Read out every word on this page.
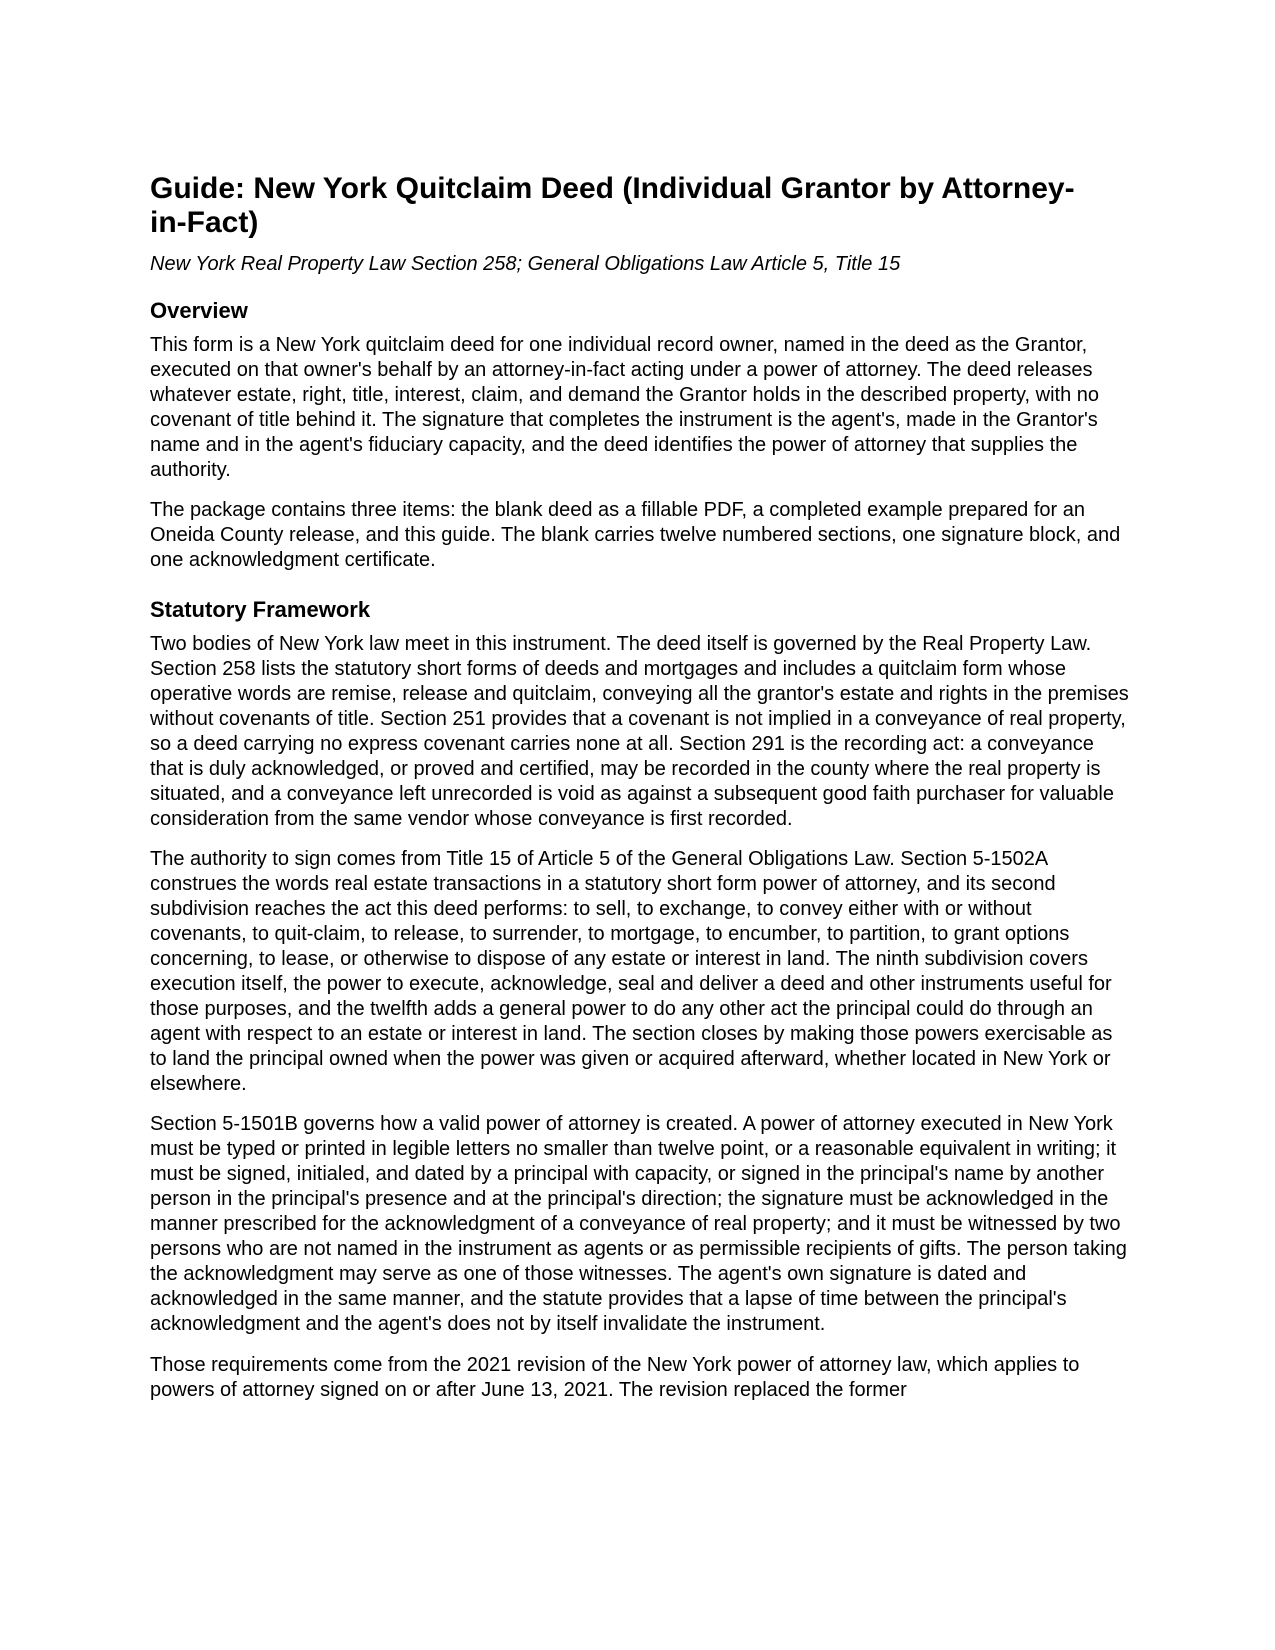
Guide: New York Quitclaim Deed (Individual Grantor by Attorney-in-Fact)

New York Real Property Law Section 258; General Obligations Law Article 5, Title 15

Overview

This form is a New York quitclaim deed for one individual record owner, named in the deed as the Grantor, executed on that owner's behalf by an attorney-in-fact acting under a power of attorney. The deed releases whatever estate, right, title, interest, claim, and demand the Grantor holds in the described property, with no covenant of title behind it. The signature that completes the instrument is the agent's, made in the Grantor's name and in the agent's fiduciary capacity, and the deed identifies the power of attorney that supplies the authority.

The package contains three items: the blank deed as a fillable PDF, a completed example prepared for an Oneida County release, and this guide. The blank carries twelve numbered sections, one signature block, and one acknowledgment certificate.

Statutory Framework

Two bodies of New York law meet in this instrument. The deed itself is governed by the Real Property Law. Section 258 lists the statutory short forms of deeds and mortgages and includes a quitclaim form whose operative words are remise, release and quitclaim, conveying all the grantor's estate and rights in the premises without covenants of title. Section 251 provides that a covenant is not implied in a conveyance of real property, so a deed carrying no express covenant carries none at all. Section 291 is the recording act: a conveyance that is duly acknowledged, or proved and certified, may be recorded in the county where the real property is situated, and a conveyance left unrecorded is void as against a subsequent good faith purchaser for valuable consideration from the same vendor whose conveyance is first recorded.

The authority to sign comes from Title 15 of Article 5 of the General Obligations Law. Section 5-1502A construes the words real estate transactions in a statutory short form power of attorney, and its second subdivision reaches the act this deed performs: to sell, to exchange, to convey either with or without covenants, to quit-claim, to release, to surrender, to mortgage, to encumber, to partition, to grant options concerning, to lease, or otherwise to dispose of any estate or interest in land. The ninth subdivision covers execution itself, the power to execute, acknowledge, seal and deliver a deed and other instruments useful for those purposes, and the twelfth adds a general power to do any other act the principal could do through an agent with respect to an estate or interest in land. The section closes by making those powers exercisable as to land the principal owned when the power was given or acquired afterward, whether located in New York or elsewhere.

Section 5-1501B governs how a valid power of attorney is created. A power of attorney executed in New York must be typed or printed in legible letters no smaller than twelve point, or a reasonable equivalent in writing; it must be signed, initialed, and dated by a principal with capacity, or signed in the principal's name by another person in the principal's presence and at the principal's direction; the signature must be acknowledged in the manner prescribed for the acknowledgment of a conveyance of real property; and it must be witnessed by two persons who are not named in the instrument as agents or as permissible recipients of gifts. The person taking the acknowledgment may serve as one of those witnesses. The agent's own signature is dated and acknowledged in the same manner, and the statute provides that a lapse of time between the principal's acknowledgment and the agent's does not by itself invalidate the instrument.

Those requirements come from the 2021 revision of the New York power of attorney law, which applies to powers of attorney signed on or after June 13, 2021. The revision replaced the former
